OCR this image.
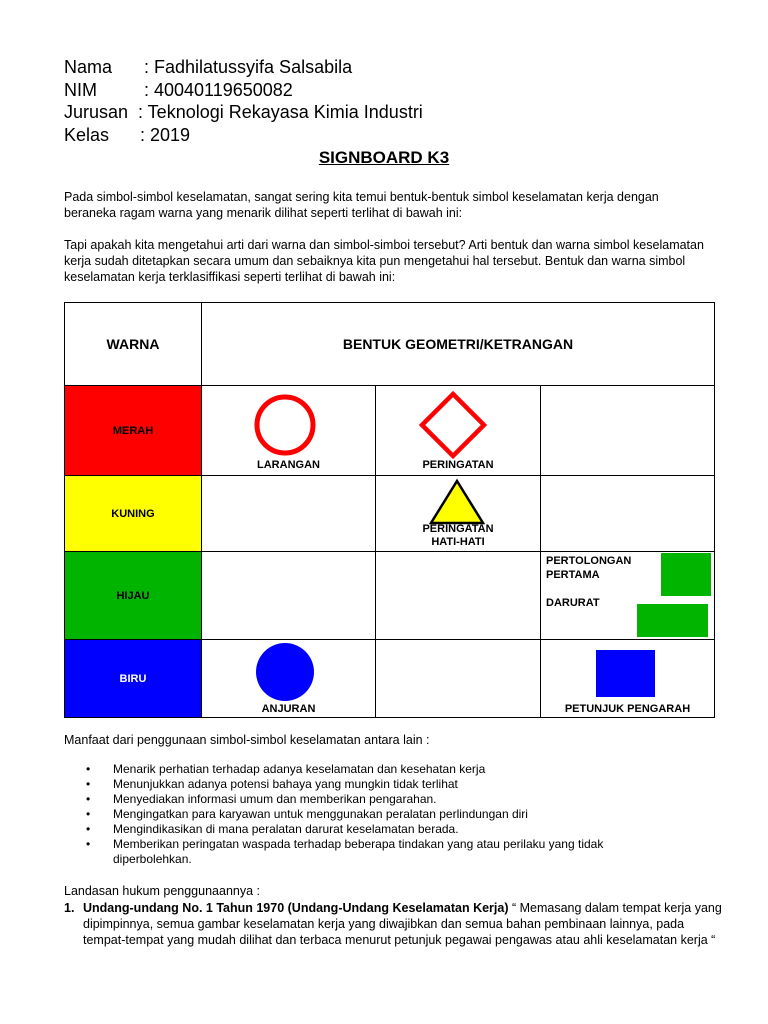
Nama : Fadhilatussyifa Salsabila
NIM	: 40040119650082
Jurusan : Teknologi Rekayasa Kimia Industri
Kelas : 2019
SIGNBOARD K3
Pada simbol-simbol keselamatan, sangat sering kita temui bentuk-bentuk simbol keselamatan kerja dengan beraneka ragam warna yang menarik dilihat seperti terlihat di bawah ini:
Tapi apakah kita mengetahui arti dari warna dan simbol-simboi tersebut? Arti bentuk dan warna simbol keselamatan kerja sudah ditetapkan secara umum dan sebaiknya kita pun mengetahui hal tersebut. Bentuk dan warna simbol keselamatan kerja terklasiffikasi seperti terlihat di bawah ini:
WARNA	BENTUK GEOMETRI/KETRANGAN		
MERAH	LARANGAN	PERINGATAN	

KUNING		PERINGATAN
HATI-HATI	

HIJAU			PERTOLONGAN
PERTAMA
DARURAT

BIRU	ANJURAN		PETUNJUK PENGARAH
Manfaat dari penggunaan simbol-simbol keselamatan antara lain :
• Menarik perhatian terhadap adanya keselamatan dan kesehatan kerja
• Menunjukkan adanya potensi bahaya yang mungkin tidak terlihat
• Menyediakan informasi umum dan memberikan pengarahan.
• Mengingatkan para karyawan untuk menggunakan peralatan perlindungan diri
• Mengindikasikan di mana peralatan darurat keselamatan berada.
• Memberikan peringatan waspada terhadap beberapa tindakan yang atau perilaku yang tidak diperbolehkan.
Landasan hukum penggunaannya :
1. Undang-undang No. 1 Tahun 1970 (Undang-Undang Keselamatan Kerja) “ Memasang dalam tempat kerja yang dipimpinnya, semua gambar keselamatan kerja yang diwajibkan dan semua bahan pembinaan lainnya, pada tempat-tempat yang mudah dilihat dan terbaca menurut petunjuk pegawai pengawas atau ahli keselamatan kerja “
